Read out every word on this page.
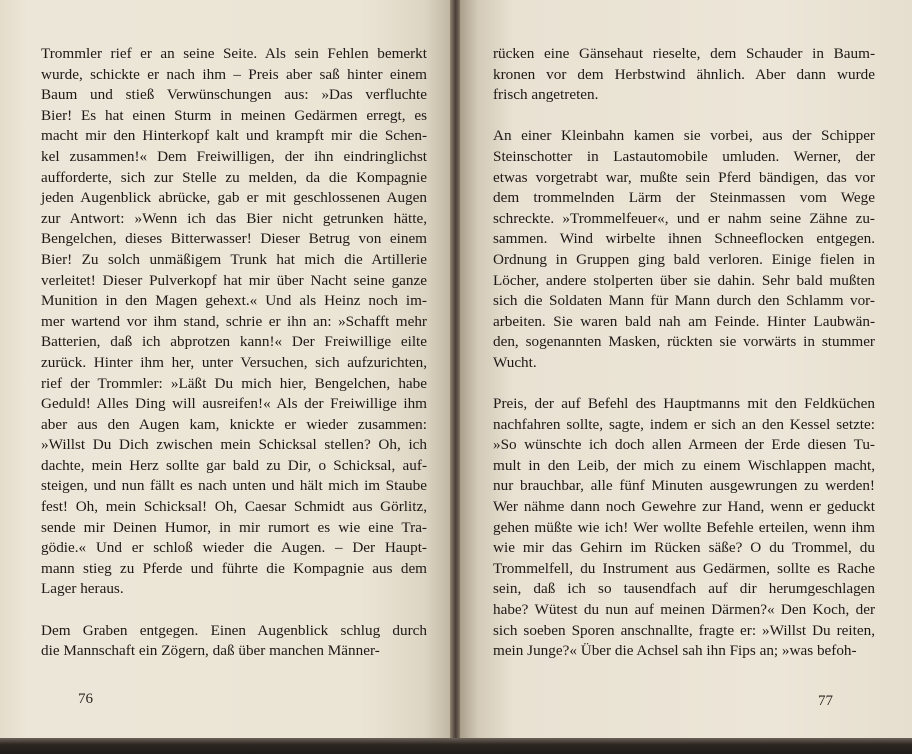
Trommler rief er an seine Seite. Als sein Fehlen bemerkt
wurde, schickte er nach ihm – Preis aber saß hinter einem
Baum und stieß Verwünschungen aus: »Das verfluchte
Bier! Es hat einen Sturm in meinen Gedärmen erregt, es
macht mir den Hinterkopf kalt und krampft mir die Schen-
kel zusammen!« Dem Freiwilligen, der ihn eindringlichst
aufforderte, sich zur Stelle zu melden, da die Kompagnie
jeden Augenblick abrücke, gab er mit geschlossenen Augen
zur Antwort: »Wenn ich das Bier nicht getrunken hätte,
Bengelchen, dieses Bitterwasser! Dieser Betrug von einem
Bier! Zu solch unmäßigem Trunk hat mich die Artillerie
verleitet! Dieser Pulverkopf hat mir über Nacht seine ganze
Munition in den Magen gehext.« Und als Heinz noch im-
mer wartend vor ihm stand, schrie er ihn an: »Schafft mehr
Batterien, daß ich abprotzen kann!« Der Freiwillige eilte
zurück. Hinter ihm her, unter Versuchen, sich aufzurichten,
rief der Trommler: »Läßt Du mich hier, Bengelchen, habe
Geduld! Alles Ding will ausreifen!« Als der Freiwillige ihm
aber aus den Augen kam, knickte er wieder zusammen:
»Willst Du Dich zwischen mein Schicksal stellen? Oh, ich
dachte, mein Herz sollte gar bald zu Dir, o Schicksal, auf-
steigen, und nun fällt es nach unten und hält mich im Staube
fest! Oh, mein Schicksal! Oh, Caesar Schmidt aus Görlitz,
sende mir Deinen Humor, in mir rumort es wie eine Tra-
gödie.« Und er schloß wieder die Augen. – Der Haupt-
mann stieg zu Pferde und führte die Kompagnie aus dem
Lager heraus.

Dem Graben entgegen. Einen Augenblick schlug durch
die Mannschaft ein Zögern, daß über manchen Männer-

76

rücken eine Gänsehaut rieselte, dem Schauder in Baum-
kronen vor dem Herbstwind ähnlich. Aber dann wurde
frisch angetreten.

An einer Kleinbahn kamen sie vorbei, aus der Schipper
Steinschotter in Lastautomobile umluden. Werner, der
etwas vorgetrabt war, mußte sein Pferd bändigen, das vor
dem trommelnden Lärm der Steinmassen vom Wege
schreckte. »Trommelfeuer«, und er nahm seine Zähne zu-
sammen. Wind wirbelte ihnen Schneeflocken entgegen.
Ordnung in Gruppen ging bald verloren. Einige fielen in
Löcher, andere stolperten über sie dahin. Sehr bald mußten
sich die Soldaten Mann für Mann durch den Schlamm vor-
arbeiten. Sie waren bald nah am Feinde. Hinter Laubwän-
den, sogenannten Masken, rückten sie vorwärts in stummer
Wucht.

Preis, der auf Befehl des Hauptmanns mit den Feldküchen
nachfahren sollte, sagte, indem er sich an den Kessel setzte:
»So wünschte ich doch allen Armeen der Erde diesen Tu-
mult in den Leib, der mich zu einem Wischlappen macht,
nur brauchbar, alle fünf Minuten ausgewrungen zu werden!
Wer nähme dann noch Gewehre zur Hand, wenn er geduckt
gehen müßte wie ich! Wer wollte Befehle erteilen, wenn ihm
wie mir das Gehirn im Rücken säße? O du Trommel, du
Trommelfell, du Instrument aus Gedärmen, sollte es Rache
sein, daß ich so tausendfach auf dir herumgeschlagen
habe? Wütest du nun auf meinen Därmen?« Den Koch, der
sich soeben Sporen anschnallte, fragte er: »Willst Du reiten,
mein Junge?« Über die Achsel sah ihn Fips an; »was befoh-

77
